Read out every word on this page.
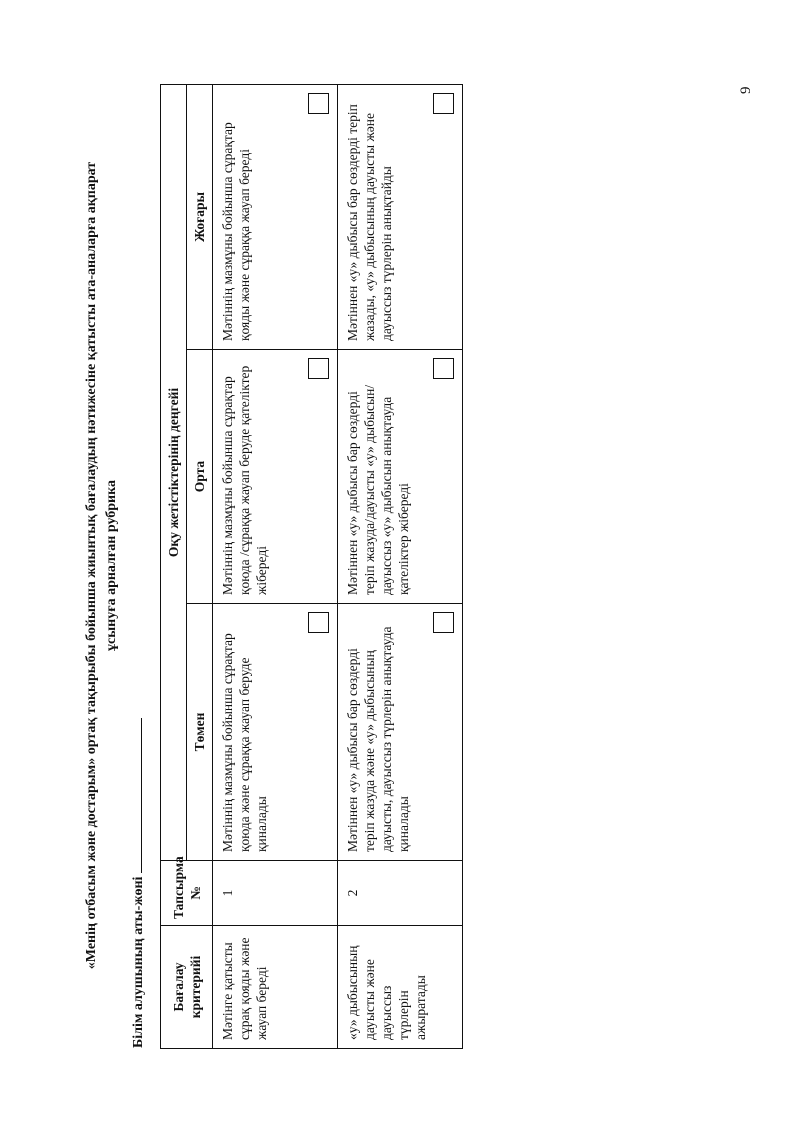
9
«Менің отбасым және достарым» ортақ тақырыбы бойынша жиынтық бағалаудың нәтижесіне қатысты ата-аналарға ақпарат ұсынуға арналған рубрика
Білім алушының аты-жөні Бағалау критерийі	Тапсырма №	Оқу жетістіктерінің деңгейі		
		Төмен	Орта	Жоғары
Мәтінге қатысты сұрақ қояды және жауап береді	1	Мәтіннің мазмұны бойынша сұрақтар қоюда және сұраққа жауап беруде қиналады	Мәтіннің мазмұны бойынша сұрақтар қоюда /сұраққа жауап беруде қателіктер жібереді	Мәтіннің мазмұны бойынша сұрақтар қояды және сұраққа жауап береді

«у» дыбысының дауысты және дауыссыз түрлерін ажыратады	2	Мәтіннен «у» дыбысы бар сөздерді теріп жазуда және «у» дыбысының дауысты, дауыссыз түрлерін анықтауда қиналады	Мәтіннен «у» дыбысы бар сөздерді теріп жазуда/дауысты «у» дыбысын/ дауыссыз «у» дыбысын анықтауда қателіктер жібереді	Мәтіннен «у» дыбысы бар сөздерді теріп жазады, «у» дыбысының дауысты және дауыссыз түрлерін анықтайды
